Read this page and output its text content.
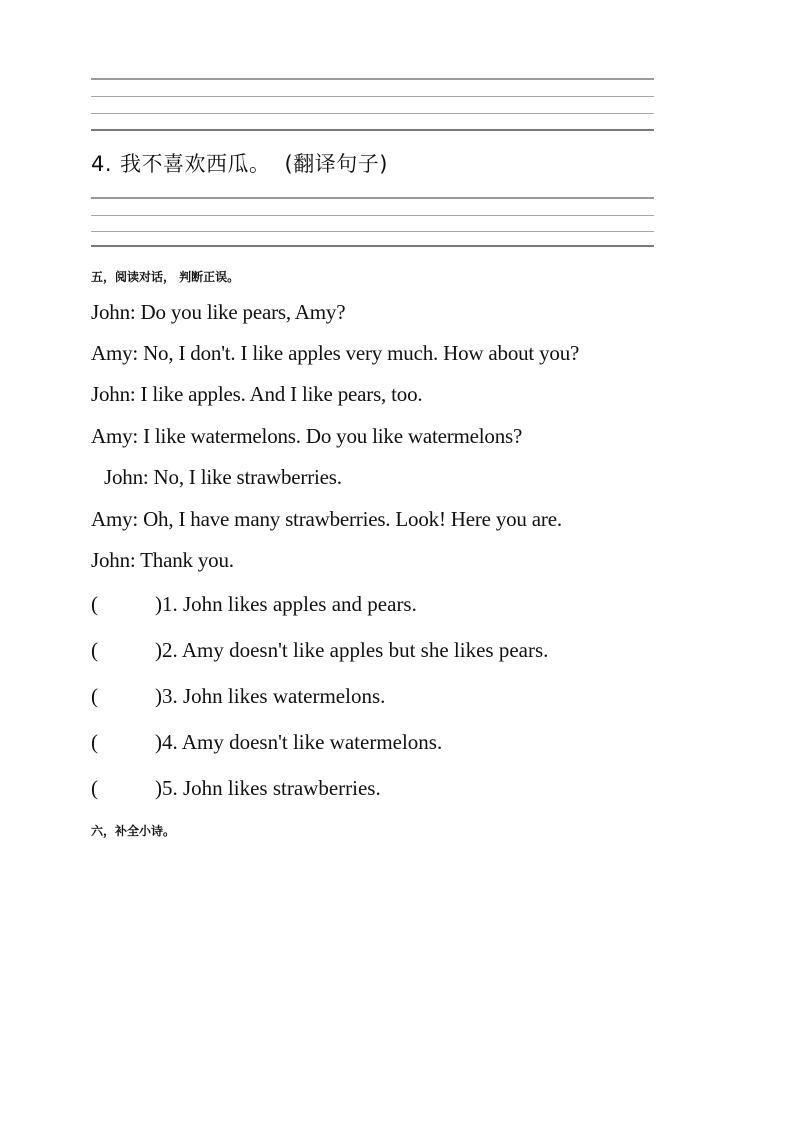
4. 我不喜欢西瓜。 (翻译句子)
五，阅读对话， 判断正误。
John: Do you like pears, Amy?
Amy: No, I don't. I like apples very much. How about you?
John: I like apples. And I like pears, too.
Amy: I like watermelons. Do you like watermelons?
John: No, I like strawberries.
Amy: Oh, I have many strawberries. Look! Here you are.
John: Thank you.
(	)1. John likes apples and pears.
(	)2. Amy doesn't like apples but she likes pears.
(	)3. John likes watermelons.
(	)4. Amy doesn't like watermelons.
(	)5. John likes strawberries.
六，补全小诗。
